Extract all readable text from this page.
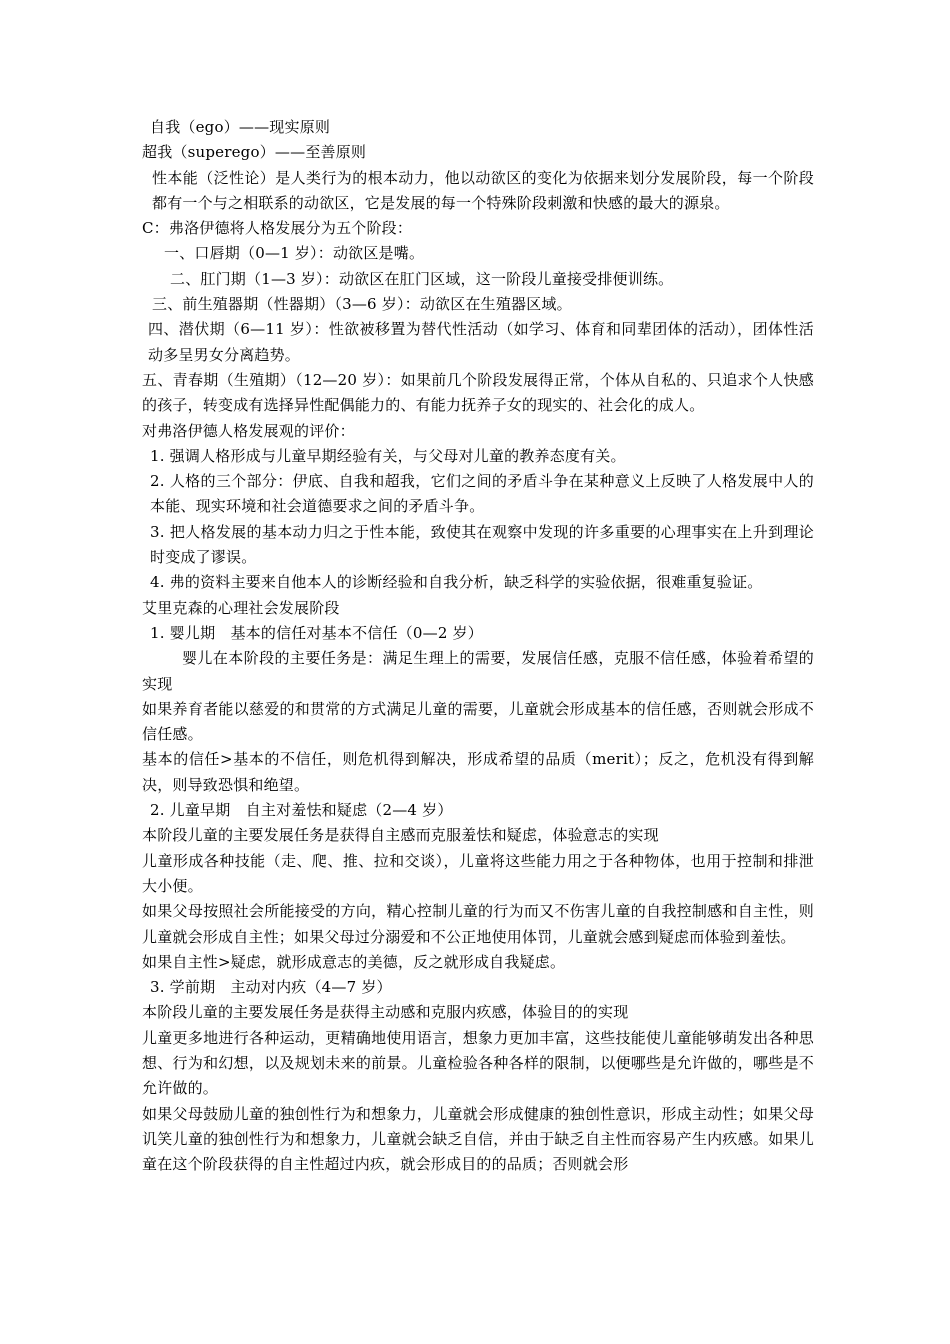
自我（ego）——现实原则

超我（superego）——至善原则

性本能（泛性论）是人类行为的根本动力，他以动欲区的变化为依据来划分发展阶段，每一个阶段都有一个与之相联系的动欲区，它是发展的每一个特殊阶段刺激和快感的最大的源泉。

C：弗洛伊德将人格发展分为五个阶段：

一、口唇期（0—1 岁）：动欲区是嘴。

二、肛门期（1—3 岁）：动欲区在肛门区域，这一阶段儿童接受排便训练。

三、前生殖器期（性器期）（3—6 岁）：动欲区在生殖器区域。

四、潜伏期（6—11 岁）：性欲被移置为替代性活动（如学习、体育和同辈团体的活动），团体性活动多呈男女分离趋势。

五、青春期（生殖期）（12—20 岁）：如果前几个阶段发展得正常，个体从自私的、只追求个人快感的孩子，转变成有选择异性配偶能力的、有能力抚养子女的现实的、社会化的成人。

对弗洛伊德人格发展观的评价：

1. 强调人格形成与儿童早期经验有关，与父母对儿童的教养态度有关。

2. 人格的三个部分：伊底、自我和超我，它们之间的矛盾斗争在某种意义上反映了人格发展中人的本能、现实环境和社会道德要求之间的矛盾斗争。

3. 把人格发展的基本动力归之于性本能，致使其在观察中发现的许多重要的心理事实在上升到理论时变成了谬误。

4. 弗的资料主要来自他本人的诊断经验和自我分析，缺乏科学的实验依据，很难重复验证。

艾里克森的心理社会发展阶段

1. 婴儿期　基本的信任对基本不信任（0—2 岁）

婴儿在本阶段的主要任务是：满足生理上的需要，发展信任感，克服不信任感，体验着希望的实现

如果养育者能以慈爱的和贯常的方式满足儿童的需要，儿童就会形成基本的信任感，否则就会形成不信任感。

基本的信任>基本的不信任，则危机得到解决，形成希望的品质（merit）；反之，危机没有得到解决，则导致恐惧和绝望。

2. 儿童早期　自主对羞怯和疑虑（2—4 岁）

本阶段儿童的主要发展任务是获得自主感而克服羞怯和疑虑，体验意志的实现

儿童形成各种技能（走、爬、推、拉和交谈），儿童将这些能力用之于各种物体，也用于控制和排泄大小便。

如果父母按照社会所能接受的方向，精心控制儿童的行为而又不伤害儿童的自我控制感和自主性，则儿童就会形成自主性；如果父母过分溺爱和不公正地使用体罚，儿童就会感到疑虑而体验到羞怯。

如果自主性>疑虑，就形成意志的美德，反之就形成自我疑虑。

3. 学前期　主动对内疚（4—7 岁）

本阶段儿童的主要发展任务是获得主动感和克服内疚感，体验目的的实现

儿童更多地进行各种运动，更精确地使用语言，想象力更加丰富，这些技能使儿童能够萌发出各种思想、行为和幻想，以及规划未来的前景。儿童检验各种各样的限制，以便哪些是允许做的，哪些是不允许做的。

如果父母鼓励儿童的独创性行为和想象力，儿童就会形成健康的独创性意识，形成主动性；如果父母讥笑儿童的独创性行为和想象力，儿童就会缺乏自信，并由于缺乏自主性而容易产生内疚感。如果儿童在这个阶段获得的自主性超过内疚，就会形成目的的品质；否则就会形
